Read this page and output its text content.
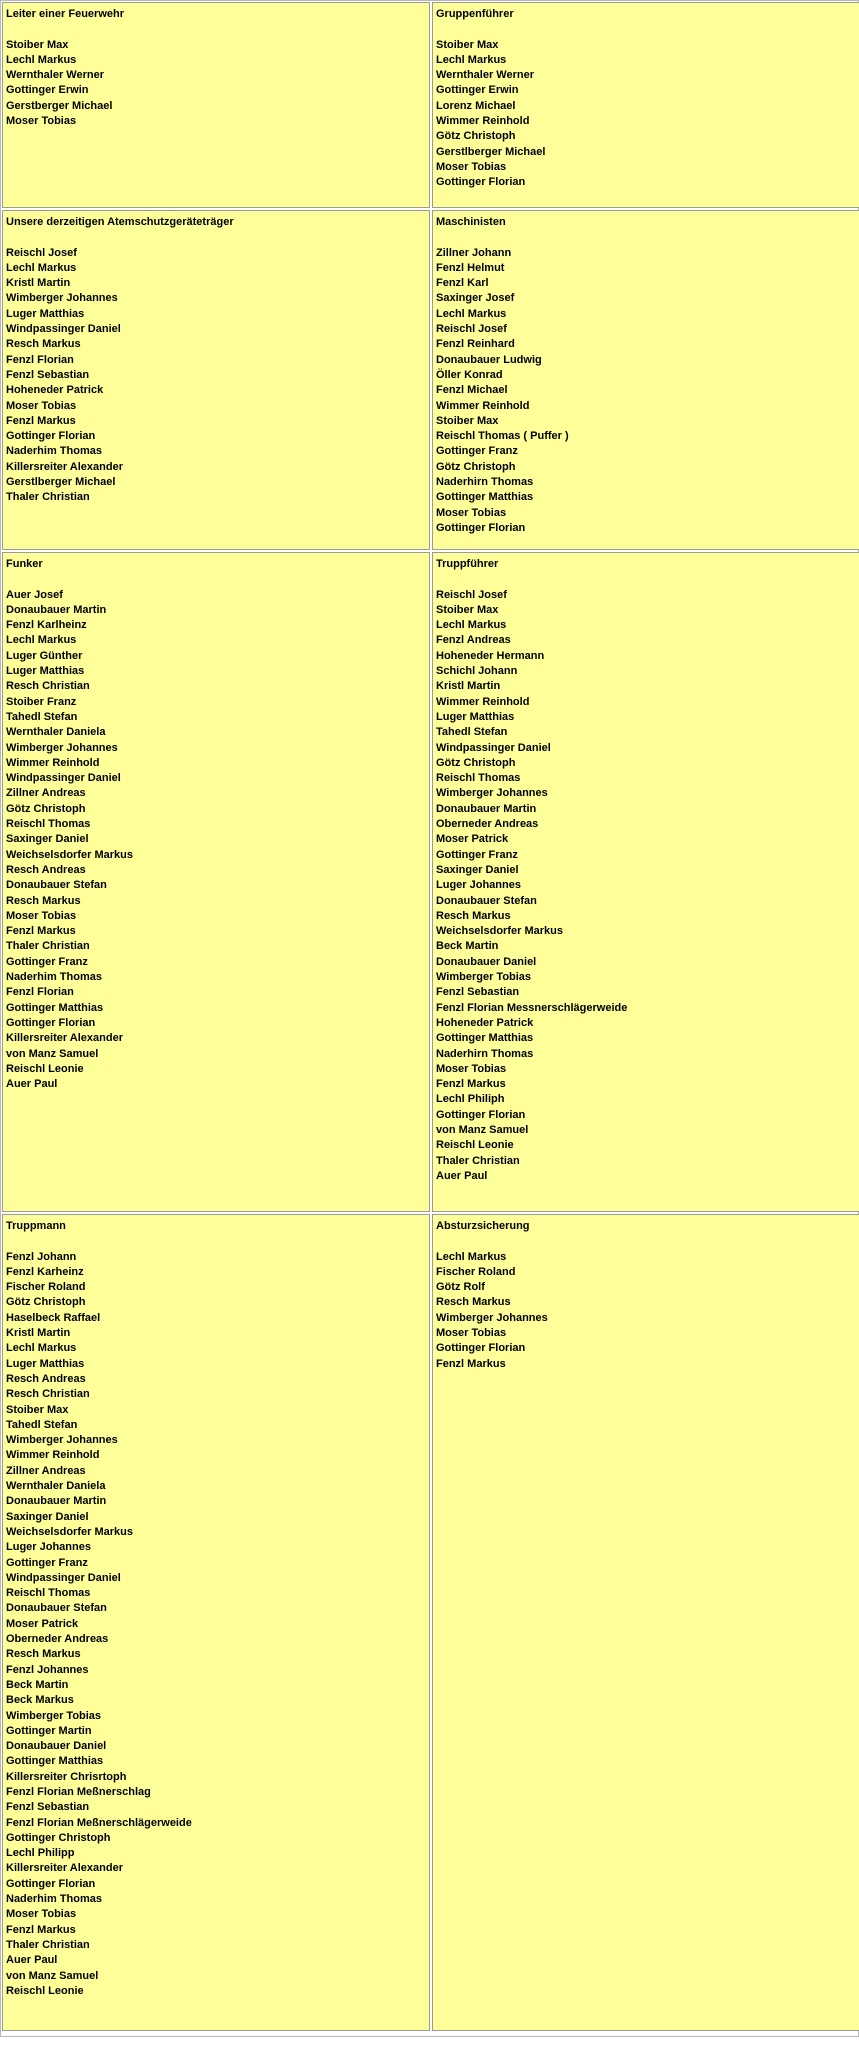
Leiter einer Feuerwehr
Stoiber Max
Lechl Markus
Wernthaler Werner
Gottinger Erwin
Gerstberger Michael
Moser Tobias
Gruppenführer
Stoiber Max
Lechl Markus
Wernthaler Werner
Gottinger Erwin
Lorenz Michael
Wimmer Reinhold
Götz Christoph
Gerstlberger Michael
Moser Tobias
Gottinger Florian
Unsere derzeitigen Atemschutzgeräteträger
Reischl Josef
Lechl Markus
Kristl Martin
Wimberger Johannes
Luger Matthias
Windpassinger Daniel
Resch Markus
Fenzl Florian
Fenzl Sebastian
Hoheneder Patrick
Moser Tobias
Fenzl Markus
Gottinger Florian
Naderhim Thomas
Killersreiter Alexander
Gerstlberger Michael
Thaler Christian
Maschinisten
Zillner Johann
Fenzl Helmut
Fenzl Karl
Saxinger Josef
Lechl Markus
Reischl Josef
Fenzl Reinhard
Donaubauer Ludwig
Öller Konrad
Fenzl Michael
Wimmer Reinhold
Stoiber Max
Reischl Thomas ( Puffer )
Gottinger Franz
Götz Christoph
Naderhirn Thomas
Gottinger Matthias
Moser Tobias
Gottinger Florian
Funker
Auer Josef
Donaubauer Martin
Fenzl Karlheinz
Lechl Markus
Luger Günther
Luger Matthias
Resch Christian
Stoiber Franz
Tahedl Stefan
Wernthaler Daniela
Wimberger Johannes
Wimmer Reinhold
Windpassinger Daniel
Zillner Andreas
Götz Christoph
Reischl Thomas
Saxinger Daniel
Weichselsdorfer Markus
Resch Andreas
Donaubauer Stefan
Resch Markus
Moser Tobias
Fenzl Markus
Thaler Christian
Gottinger Franz
Naderhim Thomas
Fenzl Florian
Gottinger Matthias
Gottinger Florian
Killersreiter Alexander
von Manz Samuel
Reischl Leonie
Auer Paul
Truppführer
Reischl Josef
Stoiber Max
Lechl Markus
Fenzl Andreas
Hoheneder Hermann
Schichl Johann
Kristl Martin
Wimmer Reinhold
Luger Matthias
Tahedl Stefan
Windpassinger Daniel
Götz Christoph
Reischl Thomas
Wimberger Johannes
Donaubauer Martin
Oberneder Andreas
Moser Patrick
Gottinger Franz
Saxinger Daniel
Luger Johannes
Donaubauer Stefan
Resch Markus
Weichselsdorfer Markus
Beck Martin
Donaubauer Daniel
Wimberger Tobias
Fenzl Sebastian
Fenzl Florian Messnerschlägerweide
Hoheneder Patrick
Gottinger Matthias
Naderhirn Thomas
Moser Tobias
Fenzl Markus
Lechl Philiph
Gottinger Florian
von Manz Samuel
Reischl Leonie
Thaler Christian
Auer Paul
Truppmann
Fenzl Johann
Fenzl Karheinz
Fischer Roland
Götz Christoph
Haselbeck Raffael
Kristl Martin
Lechl Markus
Luger Matthias
Resch Andreas
Resch Christian
Stoiber Max
Tahedl Stefan
Wimberger Johannes
Wimmer Reinhold
Zillner Andreas
Wernthaler Daniela
Donaubauer Martin
Saxinger Daniel
Weichselsdorfer Markus
Luger Johannes
Gottinger Franz
Windpassinger Daniel
Reischl Thomas
Donaubauer Stefan
Moser Patrick
Oberneder Andreas
Resch Markus
Fenzl Johannes
Beck Martin
Beck Markus
Wimberger Tobias
Gottinger Martin
Donaubauer Daniel
Gottinger Matthias
Killersreiter Chrisrtoph
Fenzl Florian Meßnerschlag
Fenzl Sebastian
Fenzl Florian Meßnerschlägerweide
Gottinger Christoph
Lechl Philipp
Killersreiter Alexander
Gottinger Florian
Naderhim Thomas
Moser Tobias
Fenzl Markus
Thaler Christian
Auer Paul
von Manz Samuel
Reischl Leonie
Absturzsicherung
Lechl Markus
Fischer Roland
Götz Rolf
Resch Markus
Wimberger Johannes
Moser Tobias
Gottinger Florian
Fenzl Markus
